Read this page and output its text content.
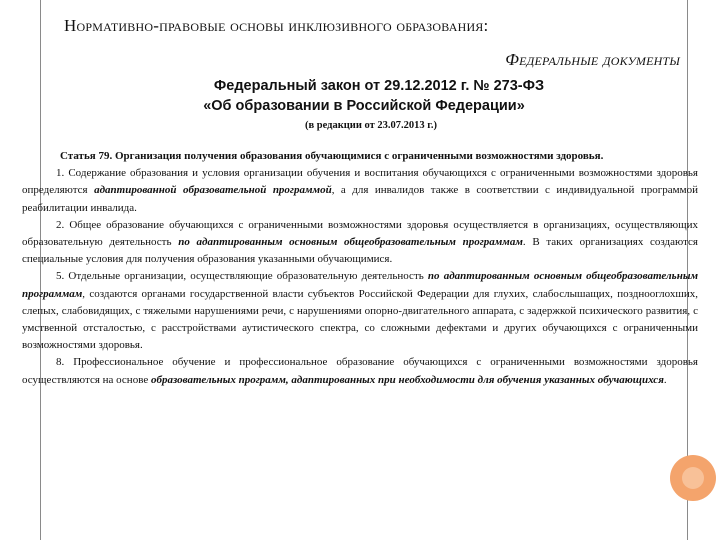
Нормативно-правовые основы инклюзивного образования:
Федеральные документы
Федеральный закон от 29.12.2012 г. № 273-ФЗ
«Об образовании в Российской Федерации»
(в редакции от 23.07.2013 г.)

Статья 79. Организация получения образования обучающимися с ограниченными возможностями здоровья.

1. Содержание образования и условия организации обучения и воспитания обучающихся с ограниченными возможностями здоровья определяются адаптированной образовательной программой, а для инвалидов также в соответствии с индивидуальной программой реабилитации инвалида.

2. Общее образование обучающихся с ограниченными возможностями здоровья осуществляется в организациях, осуществляющих образовательную деятельность по адаптированным основным общеобразовательным программам. В таких организациях создаются специальные условия для получения образования указанными обучающимися.

5. Отдельные организации, осуществляющие образовательную деятельность по адаптированным основным общеобразовательным программам, создаются органами государственной власти субъектов Российской Федерации для глухих, слабослышащих, позднооглохших, слепых, слабовидящих, с тяжелыми нарушениями речи, с нарушениями опорно-двигательного аппарата, с задержкой психического развития, с умственной отсталостью, с расстройствами аутистического спектра, со сложными дефектами и других обучающихся с ограниченными возможностями здоровья.

8. Профессиональное обучение и профессиональное образование обучающихся с ограниченными возможностями здоровья осуществляются на основе образовательных программ, адаптированных при необходимости для обучения указанных обучающихся.
